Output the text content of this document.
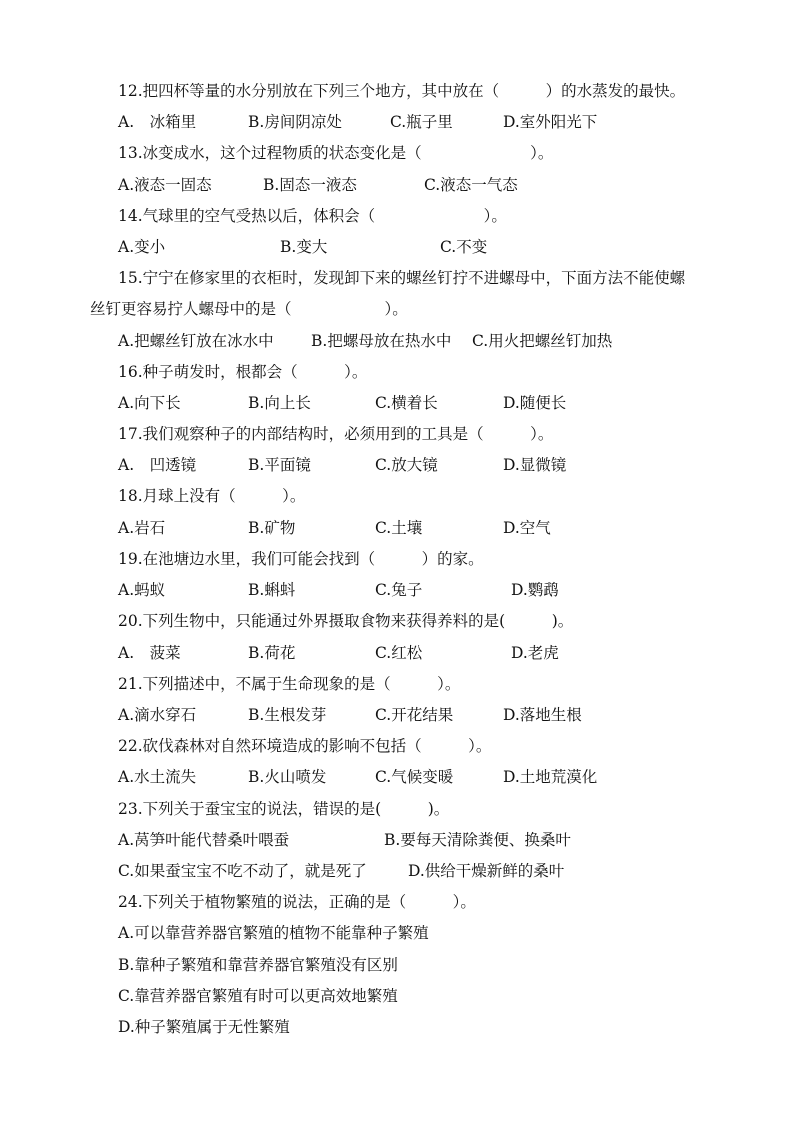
12.把四杯等量的水分别放在下列三个地方，其中放在（　　　）的水蒸发的最快。
A.　冰箱里	B.房间阴凉处	C.瓶子里	D.室外阳光下
13.冰变成水，这个过程物质的状态变化是（　　　　　　　）。
A.液态一固态	B.固态一液态	C.液态一气态
14.气球里的空气受热以后，体积会（　　　　　　　）。
A.变小	B.变大	C.不变
15.宁宁在修家里的衣柜时，发现卸下来的螺丝钉拧不进螺母中，下面方法不能使螺
丝钉更容易拧人螺母中的是（　　　　　　）。
A.把螺丝钉放在冰水中 B.把螺母放在热水中 C.用火把螺丝钉加热
16.种子萌发时，根都会（　　　）。
A.向下长	B.向上长	C.横着长	D.随便长
17.我们观察种子的内部结构时，必须用到的工具是（　　　）。
A.　凹透镜	B.平面镜	C.放大镜	D.显微镜
18.月球上没有（　　　）。
A.岩石	B.矿物	C.土壤	D.空气
19.在池塘边水里，我们可能会找到（　　　）的家。
A.蚂蚁	B.蝌蚪	C.兔子	D.鹦鹉
20.下列生物中，只能通过外界摄取食物来获得养料的是(　　　)。
A.　菠菜	B.荷花	C.红松	D.老虎
21.下列描述中，不属于生命现象的是（　　　）。
A.滴水穿石	B.生根发芽	C.开花结果	D.落地生根
22.砍伐森林对自然环境造成的影响不包括（　　　）。
A.水土流失	B.火山喷发	C.气候变暖	D.土地荒漠化
23.下列关于蚕宝宝的说法，错误的是(　　　)。
A.莴笋叶能代替桑叶喂蚕	B.要每天清除粪便、换桑叶
C.如果蚕宝宝不吃不动了，就是死了	D.供给干燥新鲜的桑叶
24.下列关于植物繁殖的说法，正确的是（　　　）。
A.可以靠营养器官繁殖的植物不能靠种子繁殖
B.靠种子繁殖和靠营养器官繁殖没有区别
C.靠营养器官繁殖有时可以更高效地繁殖
D.种子繁殖属于无性繁殖
